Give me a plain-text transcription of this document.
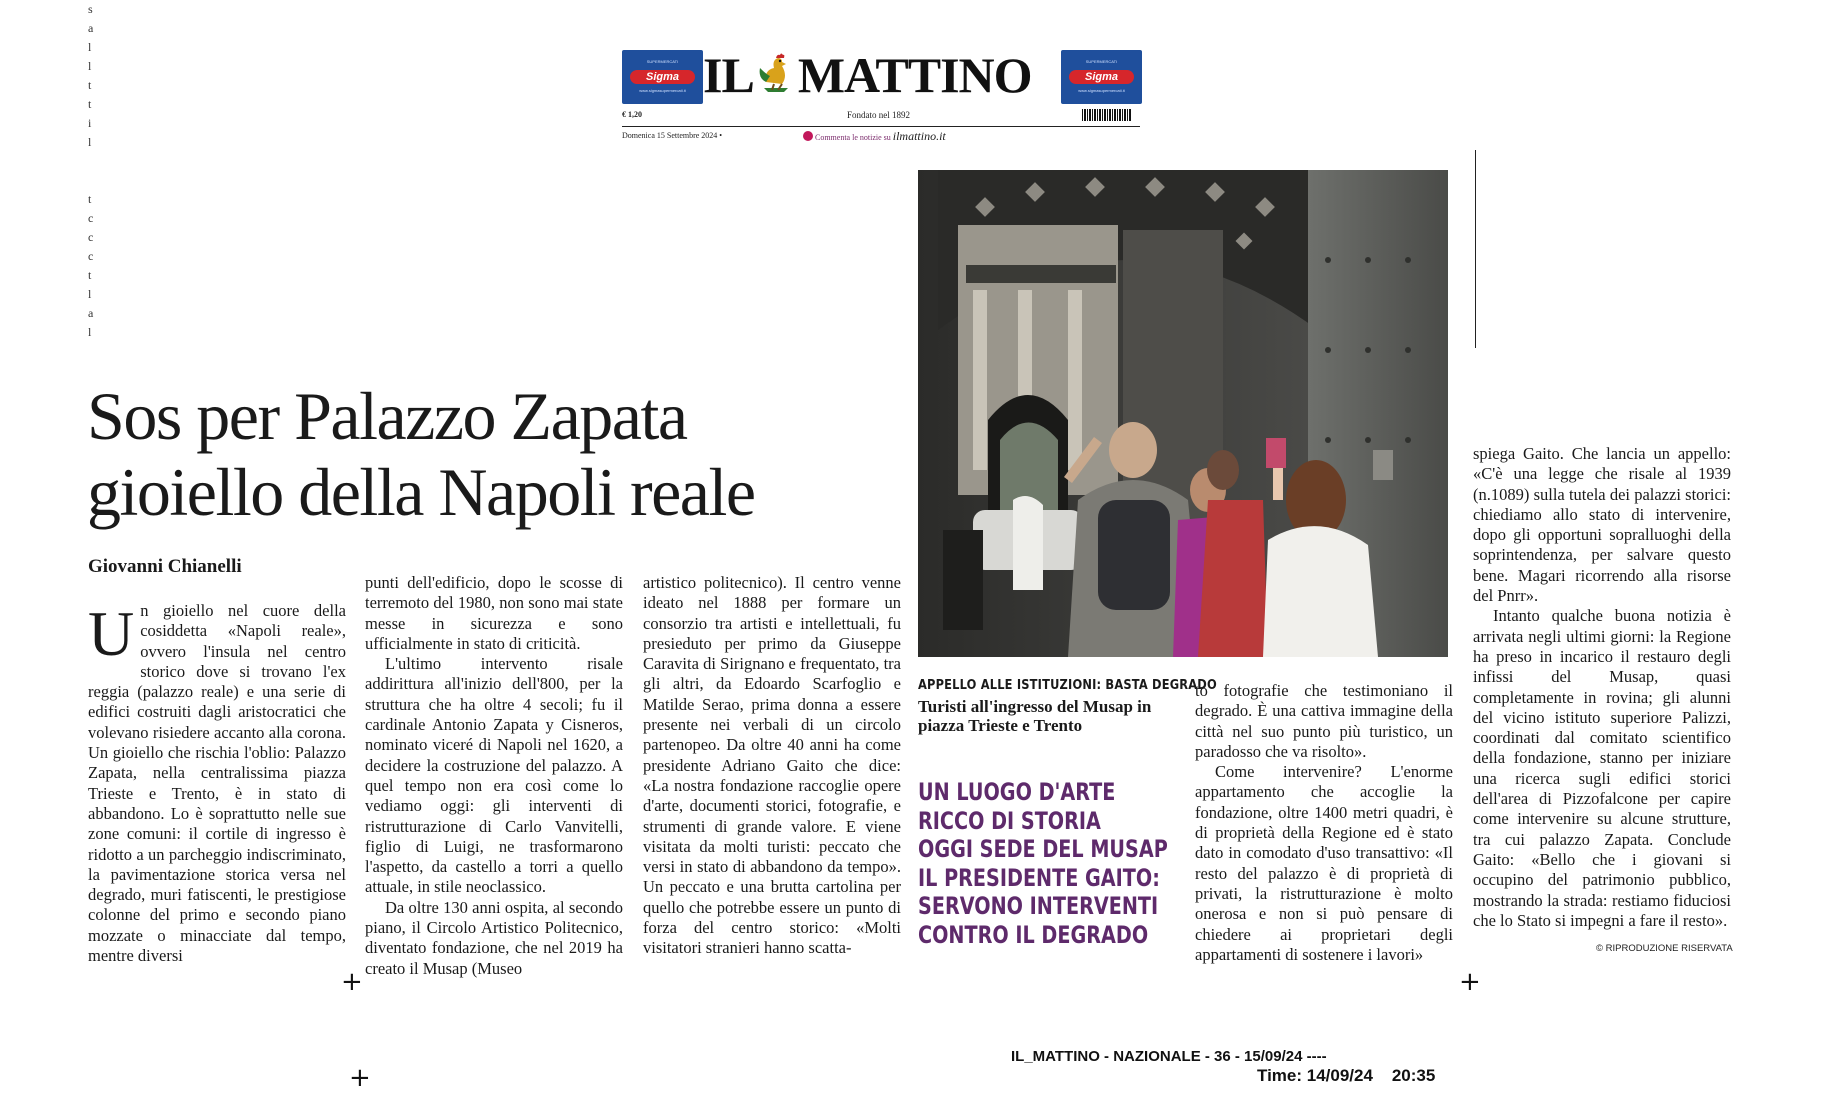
s
a
l
l
t
t
i
l

t
c
c
c
t
l
a
l
SUPERMERCATI
Sigma
www.sigmasupermercati.it IL MATTINO	SUPERMERCATI
Sigma
www.sigmasupermercati.it
€ 1,20	Fondato nel 1892
Domenica 15 Settembre 2024 •	Commenta le notizie su ilmattino.it
Sos per Palazzo Zapata
gioiello della Napoli reale
Giovanni Chianelli

Un gioiello nel cuore della cosiddetta «Napoli reale», ovvero l'insula nel centro storico dove si trovano l'ex reggia (palazzo reale) e una serie di edifici costruiti dagli aristocratici che volevano risiedere accanto alla corona. Un gioiello che rischia l'oblio: Palazzo Zapata, nella centralissima piazza Trieste e Trento, è in stato di abbandono. Lo è soprattutto nelle sue zone comuni: il cortile di ingresso è ridotto a un parcheggio indiscriminato, la pavimentazione storica versa nel degrado, muri fatiscenti, le prestigiose colonne del primo e secondo piano mozzate o minacciate dal tempo, mentre diversi

punti dell'edificio, dopo le scosse di terremoto del 1980, non sono mai state messe in sicurezza e sono ufficialmente in stato di criticità.

L'ultimo intervento risale addirittura all'inizio dell'800, per la struttura che ha oltre 4 secoli; fu il cardinale Antonio Zapata y Cisneros, nominato viceré di Napoli nel 1620, a decidere la costruzione del palazzo. A quel tempo non era così come lo vediamo oggi: gli interventi di ristrutturazione di Carlo Vanvitelli, figlio di Luigi, ne trasformarono l'aspetto, da castello a torri a quello attuale, in stile neoclassico.

Da oltre 130 anni ospita, al secondo piano, il Circolo Artistico Politecnico, diventato fondazione, che nel 2019 ha creato il Musap (Museo

artistico politecnico). Il centro venne ideato nel 1888 per formare un consorzio tra artisti e intellettuali, fu presieduto per primo da Giuseppe Caravita di Sirignano e frequentato, tra gli altri, da Edoardo Scarfoglio e Matilde Serao, prima donna a essere presente nei verbali di un circolo partenopeo. Da oltre 40 anni ha come presidente Adriano Gaito che dice: «La nostra fondazione raccoglie opere d'arte, documenti storici, fotografie, e strumenti di grande valore. E viene visitata da molti turisti: peccato che versi in stato di abbandono da tempo». Un peccato e una brutta cartolina per quello che potrebbe essere un punto di forza del centro storico: «Molti visitatori stranieri hanno scatta-

APPELLO ALLE ISTITUZIONI: BASTA DEGRADO
Turisti all'ingresso del Musap in piazza Trieste e Trento
UN LUOGO D'ARTE
RICCO DI STORIA
OGGI SEDE DEL MUSAP
IL PRESIDENTE GAITO:
SERVONO INTERVENTI
CONTRO IL DEGRADO

to fotografie che testimoniano il degrado. È una cattiva immagine della città nel suo punto più turistico, un paradosso che va risolto».

Come intervenire? L'enorme appartamento che accoglie la fondazione, oltre 1400 metri quadri, è di proprietà della Regione ed è stato dato in comodato d'uso transattivo: «Il resto del palazzo è di proprietà di privati, la ristrutturazione è molto onerosa e non si può pensare di chiedere ai proprietari degli appartamenti di sostenere i lavori»

spiega Gaito. Che lancia un appello: «C'è una legge che risale al 1939 (n.1089) sulla tutela dei palazzi storici: chiediamo allo stato di intervenire, dopo gli opportuni sopralluoghi della soprintendenza, per salvare questo bene. Magari ricorrendo alla risorse del Pnrr».

Intanto qualche buona notizia è arrivata negli ultimi giorni: la Regione ha preso in incarico il restauro degli infissi del Musap, quasi completamente in rovina; gli alunni del vicino istituto superiore Palizzi, coordinati dal comitato scientifico della fondazione, stanno per iniziare una ricerca sugli edifici storici dell'area di Pizzofalcone per capire come intervenire su alcune strutture, tra cui palazzo Zapata. Conclude Gaito: «Bello che i giovani si occupino del patrimonio pubblico, mostrando la strada: restiamo fiduciosi che lo Stato si impegni a fare il resto».

© RIPRODUZIONE RISERVATA
+	+
+
IL_MATTINO - NAZIONALE - 36 - 15/09/24 ----
Time: 14/09/24    20:35
